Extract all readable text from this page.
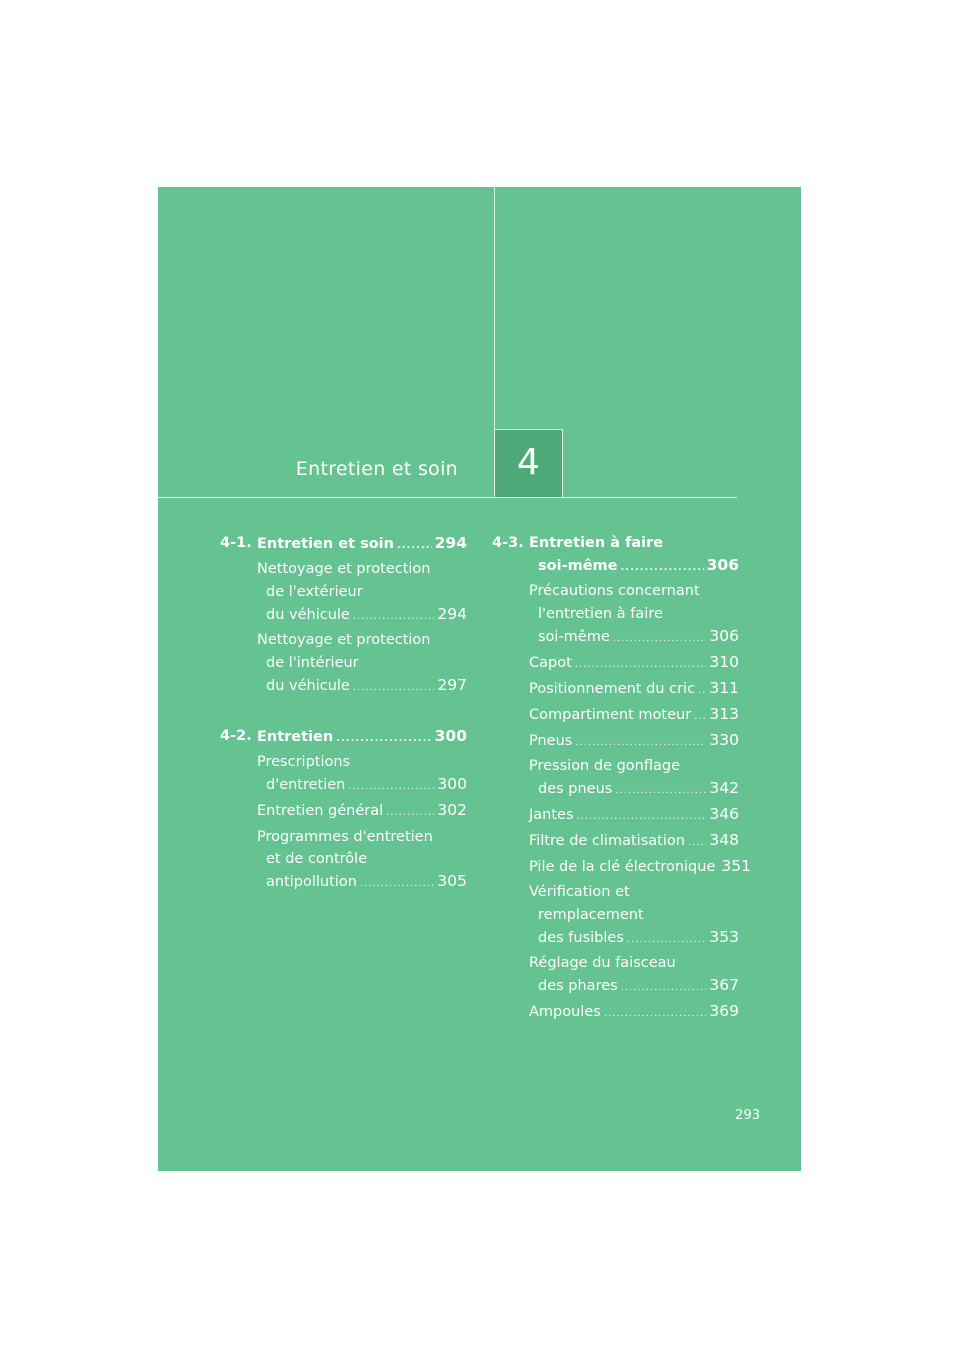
Entretien et soin	4
4-1. Entretien et soin .....	294
Nettoyage et protection
de l'extérieur
du véhicule .....	294
Nettoyage et protection
de l'intérieur
du véhicule .....	297
4-2. Entretien .....	300
Prescriptions
d'entretien .....	300
Entretien général .....	302
Programmes d'entretien
et de contrôle
antipollution .....	305
4-3. Entretien à faire
soi-même .....	306
Précautions concernant
l'entretien à faire
soi-même .....	306
Capot .....	310
Positionnement du cric ..... 311
Compartiment moteur ..... 313
Pneus .....	330
Pression de gonflage
des pneus .....	342
Jantes .....	346
Filtre de climatisation ..... 348
Pile de la clé électronique 351
Vérification et
remplacement
des fusibles .....	353
Réglage du faisceau
des phares .....	367
Ampoules .....	369
293
